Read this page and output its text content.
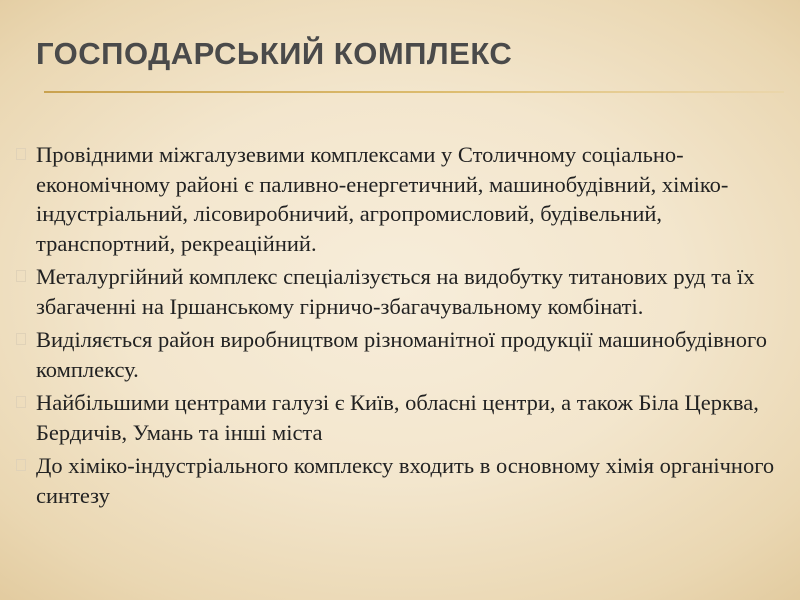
ГОСПОДАРСЬКИЙ КОМПЛЕКС
Провідними міжгалузевими комплексами у Столичному соціально-економічному районі є паливно-енергетичний, машинобудівний, хіміко-індустріальний, лісовиробничий, агропромисловий, будівельний, транспортний, рекреаційний.
Металургійний комплекс спеціалізується на видобутку титанових руд та їх збагаченні на Іршанському гірничо-збагачувальному комбінаті.
Виділяється район виробництвом різноманітної продукції машинобудівного комплексу.
Найбільшими центрами галузі є Київ, обласні центри, а також Біла Церква, Бердичів, Умань та інші міста
До хіміко-індустріального комплексу входить в основному хімія органічного синтезу
